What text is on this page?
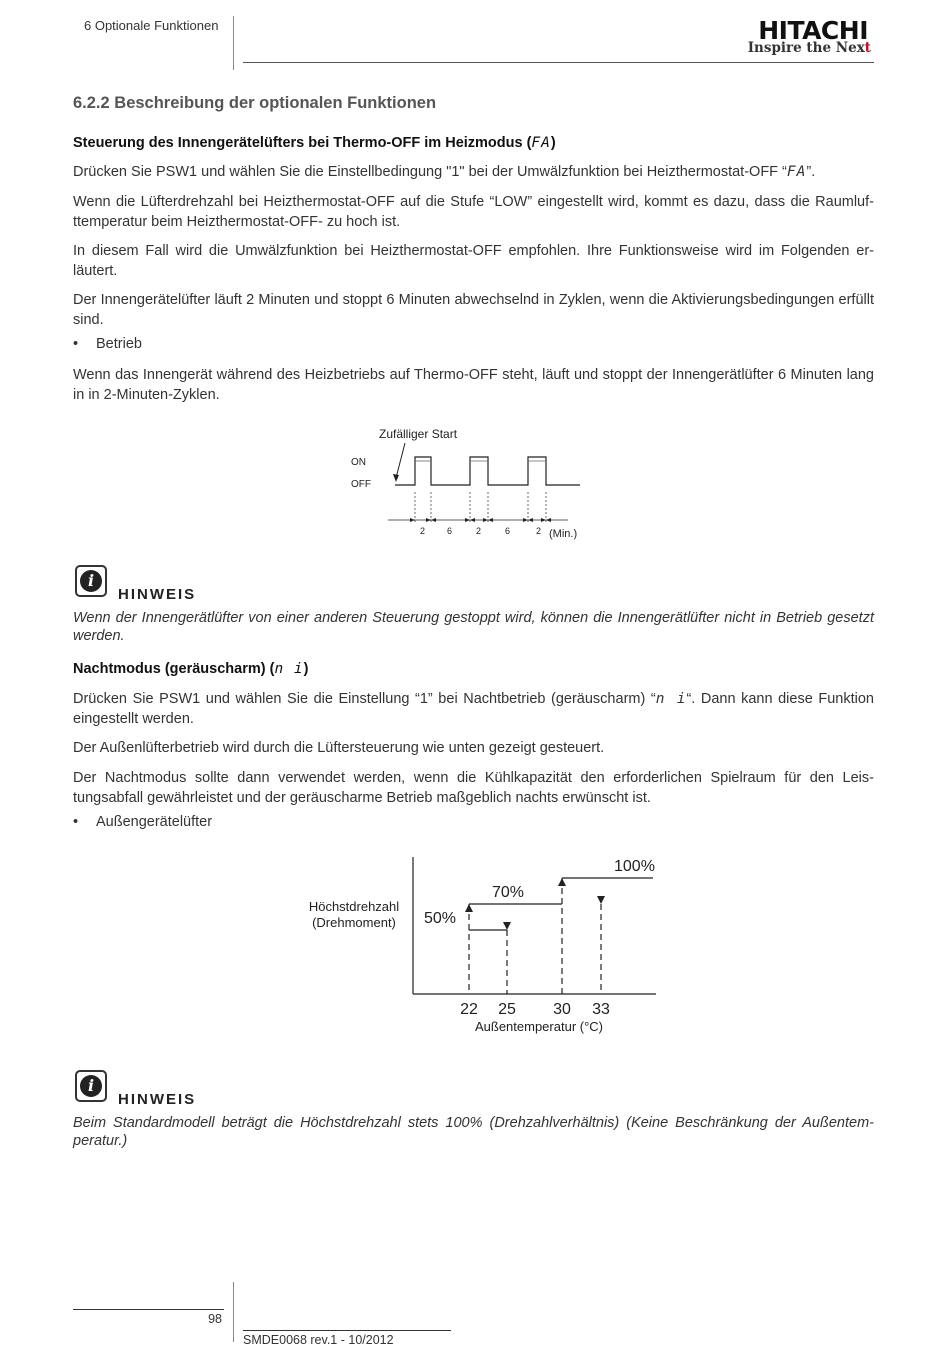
6 Optionale Funktionen	HITACHI
Inspire the Next
6.2.2 Beschreibung der optionalen Funktionen

Steuerung des Innengerätelüfters bei Thermo-OFF im Heizmodus (FA)

Drücken Sie PSW1 und wählen Sie die Einstellbedingung "1" bei der Umwälzfunktion bei Heizthermostat-OFF “FA”.

Wenn die Lüfterdrehzahl bei Heizthermostat-OFF auf die Stufe “LOW” eingestellt wird, kommt es dazu, dass die Raumlufttemperatur beim Heizthermostat-OFF- zu hoch ist.

In diesem Fall wird die Umwälzfunktion bei Heizthermostat-OFF empfohlen. Ihre Funktionsweise wird im Folgenden erläutert.

Der Innengerätelüfter läuft 2 Minuten und stoppt 6 Minuten abwechselnd in Zyklen, wenn die Aktivierungsbedingungen erfüllt sind.

• Betrieb

Wenn das Innengerät während des Heizbetriebs auf Thermo-OFF steht, läuft und stoppt der Innengerätlüfter 6 Minuten lang in in 2-Minuten-Zyklen.

Zufälliger Start
ON
OFF
2 6	2	6	2 (Min.)
i
HINWEIS

Wenn der Innengerätlüfter von einer anderen Steuerung gestoppt wird, können die Innengerätlüfter nicht in Betrieb gesetzt werden.

Nachtmodus (geräuscharm) (n i)

Drücken Sie PSW1 und wählen Sie die Einstellung “1” bei Nachtbetrieb (geräuscharm) “n i“. Dann kann diese Funktion eingestellt werden.

Der Außenlüfterbetrieb wird durch die Lüftersteuerung wie unten gezeigt gesteuert.

Der Nachtmodus sollte dann verwendet werden, wenn die Kühlkapazität den erforderlichen Spielraum für den Leistungsabfall gewährleistet und der geräuscharme Betrieb maßgeblich nachts erwünscht ist.

• Außengerätelüfter
Höchstdrehzahl
(Drehmoment) 50%
70%
100%
22 25 30 33
Außentemperatur (°C)
i
HINWEIS

Beim Standardmodell beträgt die Höchstdrehzahl stets 100% (Drehzahlverhältnis) (Keine Beschränkung der Außentemperatur.)

98
SMDE0068 rev.1 - 10/2012
